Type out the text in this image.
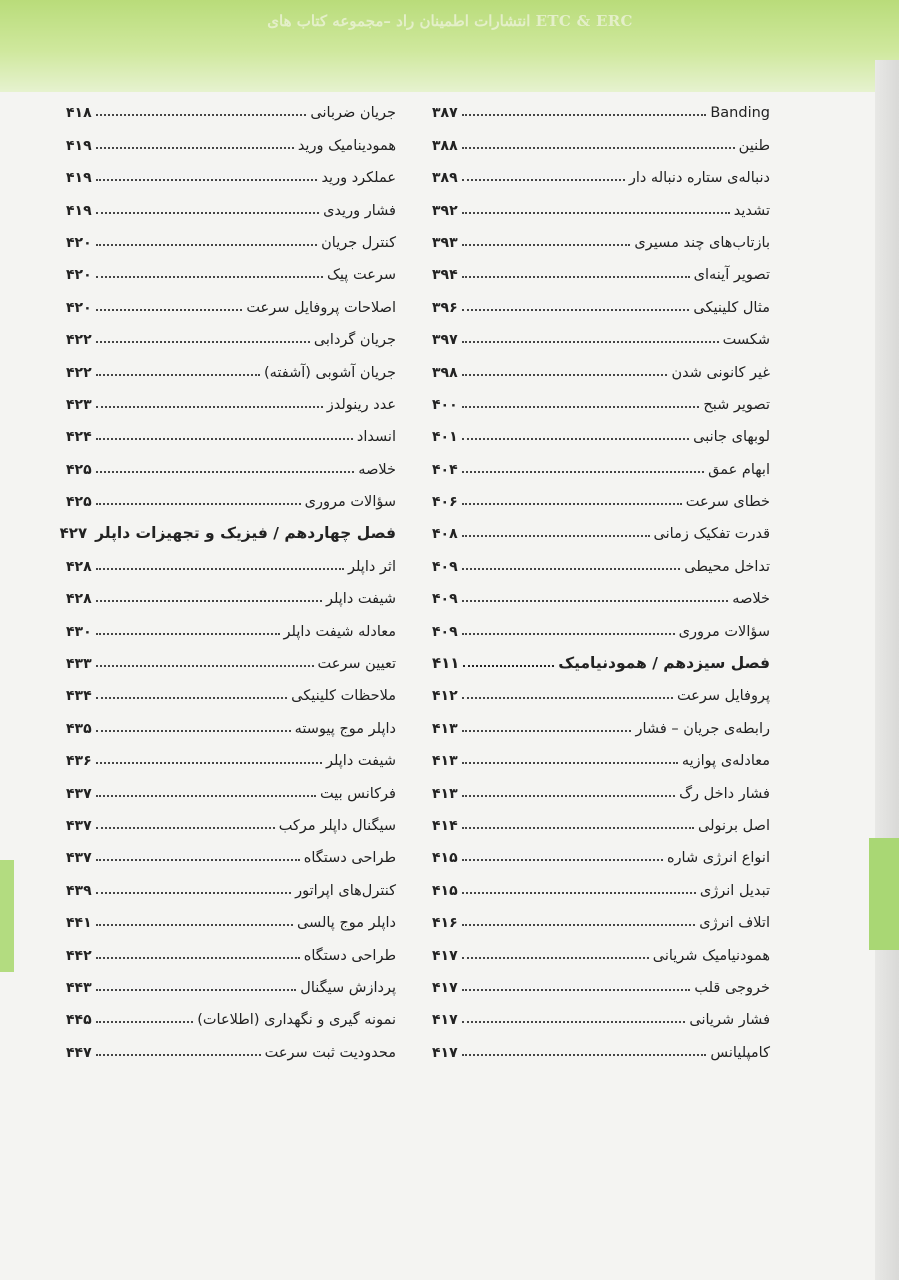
انتشارات اطمینان راد –مجموعه کتاب های ETC & ERC
Banding
۳۸۷
طنین
۳۸۸
دنباله‌ی ستاره دنباله دار
۳۸۹
تشدید
۳۹۲
بازتاب‌های چند مسیری
۳۹۳
تصویر آینه‌ای
۳۹۴
مثال کلینیکی
۳۹۶
شکست
۳۹۷
غیر کانونی شدن
۳۹۸
تصویر شبح
۴۰۰
لوبهای جانبی
۴۰۱
ابهام عمق
۴۰۴
خطای سرعت
۴۰۶
قدرت تفکیک زمانی
۴۰۸
تداخل محیطی
۴۰۹
خلاصه
۴۰۹
سؤالات مروری
۴۰۹
فصل سیزدهم / همودنیامیک
۴۱۱
پروفایل سرعت
۴۱۲
رابطه‌ی جریان – فشار
۴۱۳
معادله‌ی پوازیه
۴۱۳
فشار داخل رگ
۴۱۳
اصل برنولی
۴۱۴
انواع انرژی شاره
۴۱۵
تبدیل انرژی
۴۱۵
اتلاف انرژی
۴۱۶
همودنیامیک شریانی
۴۱۷
خروجی قلب
۴۱۷
فشار شریانی
۴۱۷
کامپلیانس
۴۱۷
جریان ضربانی
۴۱۸
همودینامیک ورید
۴۱۹
عملکرد ورید
۴۱۹
فشار وریدی
۴۱۹
کنترل جریان
۴۲۰
سرعت پیک
۴۲۰
اصلاحات پروفایل سرعت
۴۲۰
جریان گردابی
۴۲۲
جریان آشوبی (آشفته)
۴۲۲
عدد رینولدز
۴۲۳
انسداد
۴۲۴
خلاصه
۴۲۵
سؤالات مروری
۴۲۵
فصل چهاردهم / فیزیک و تجهیزات داپلر
۴۲۷
اثر داپلر
۴۲۸
شیفت داپلر
۴۲۸
معادله شیفت داپلر
۴۳۰
تعیین سرعت
۴۳۳
ملاحظات کلینیکی
۴۳۴
داپلر موج پیوسته
۴۳۵
شیفت داپلر
۴۳۶
فرکانس بیت
۴۳۷
سیگنال داپلر مرکب
۴۳۷
طراحی دستگاه
۴۳۷
کنترل‌های اپراتور
۴۳۹
داپلر موج پالسی
۴۴۱
طراحی دستگاه
۴۴۲
پردازش سیگنال
۴۴۳
نمونه گیری و نگهداری (اطلاعات)
۴۴۵
محدودیت ثبت سرعت
۴۴۷
